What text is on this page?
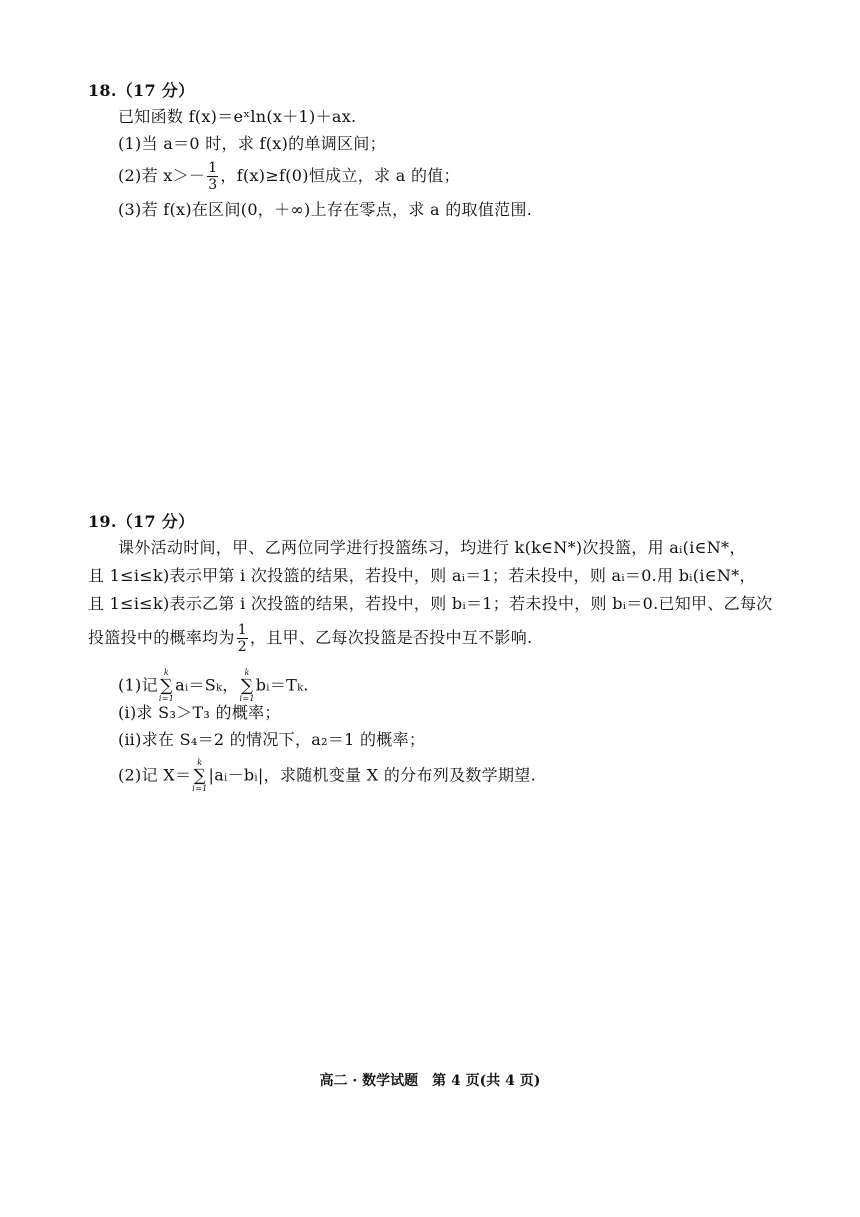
18.（17 分）
已知函数 f(x)＝eˣln(x＋1)＋ax.
(1)当 a＝0 时，求 f(x)的单调区间；
(2)若 $x>- \frac{1}{3}$ ，f(x)≥f(0)恒成立，求 a 的值；
(3)若 f(x)在区间(0，＋∞)上存在零点，求 a 的取值范围.
19.（17 分）
课外活动时间，甲、乙两位同学进行投篮练习，均进行 k(k∈N*)次投篮，用 aᵢ(i∈N*，
且 1≤i≤k)表示甲第 i 次投篮的结果，若投中，则 aᵢ＝1；若未投中，则 aᵢ＝0.用 bᵢ(i∈N*，
且 1≤i≤k)表示乙第 i 次投篮的结果，若投中，则 bᵢ＝1；若未投中，则 bᵢ＝0.已知甲、乙每次
投篮投中的概率均为 $\frac{1}{2}$ ，且甲、乙每次投篮是否投中互不影响.
(1)记
k
∑
i=1
aᵢ＝Sₖ，
k
∑
i=1
bᵢ＝Tₖ.
(ⅰ)求 S₃＞T₃ 的概率；
(ⅱ)求在 S₄＝2 的情况下，a₂＝1 的概率；
(2)记 X＝
k
∑
i=1
|aᵢ－bᵢ|，求随机变量 X 的分布列及数学期望.
高二 · 数学试题　第 4 页(共 4 页)
